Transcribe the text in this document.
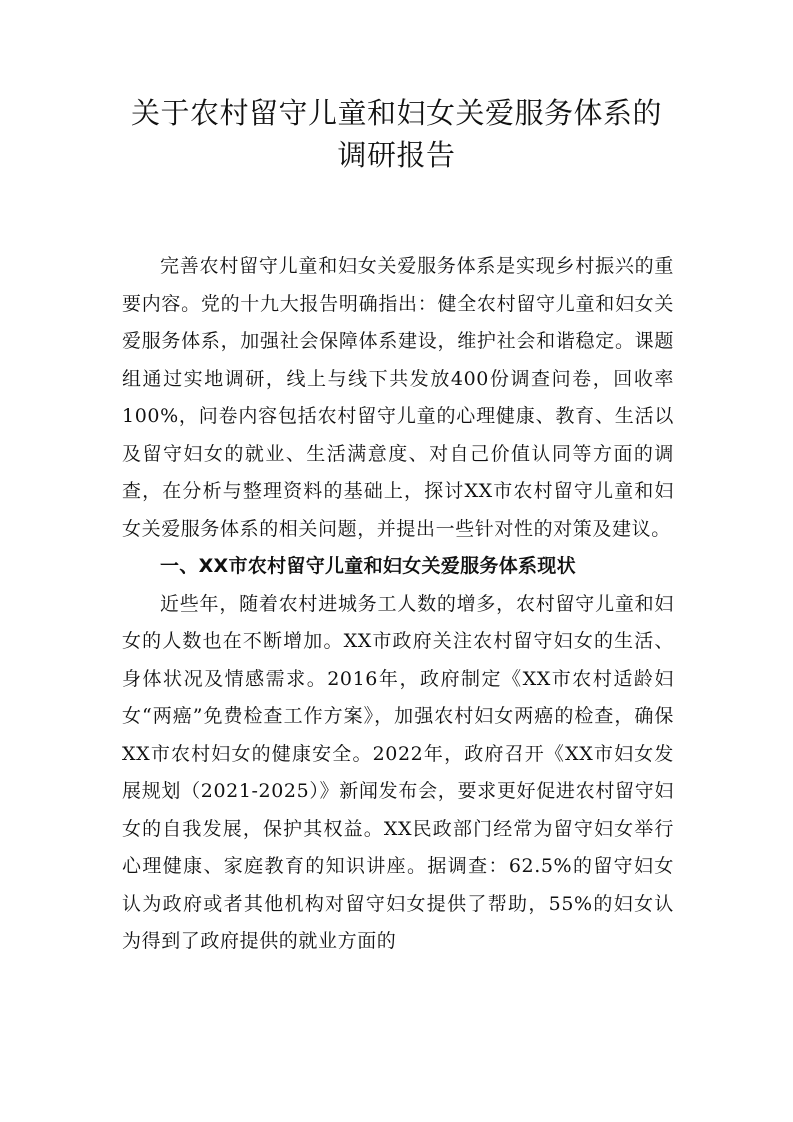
关于农村留守儿童和妇女关爱服务体系的
调研报告

完善农村留守儿童和妇女关爱服务体系是实现乡村振兴的重要内容。党的十九大报告明确指出：健全农村留守儿童和妇女关爱服务体系，加强社会保障体系建设，维护社会和谐稳定。课题组通过实地调研，线上与线下共发放400份调查问卷，回收率100%，问卷内容包括农村留守儿童的心理健康、教育、生活以及留守妇女的就业、生活满意度、对自己价值认同等方面的调查，在分析与整理资料的基础上，探讨XX市农村留守儿童和妇女关爱服务体系的相关问题，并提出一些针对性的对策及建议。

一、XX市农村留守儿童和妇女关爱服务体系现状

近些年，随着农村进城务工人数的增多，农村留守儿童和妇女的人数也在不断增加。XX市政府关注农村留守妇女的生活、身体状况及情感需求。2016年，政府制定《XX市农村适龄妇女“两癌”免费检查工作方案》，加强农村妇女两癌的检查，确保XX市农村妇女的健康安全。2022年，政府召开《XX市妇女发展规划（2021-2025）》新闻发布会，要求更好促进农村留守妇女的自我发展，保护其权益。XX民政部门经常为留守妇女举行心理健康、家庭教育的知识讲座。据调查：62.5%的留守妇女认为政府或者其他机构对留守妇女提供了帮助，55%的妇女认为得到了政府提供的就业方面的
